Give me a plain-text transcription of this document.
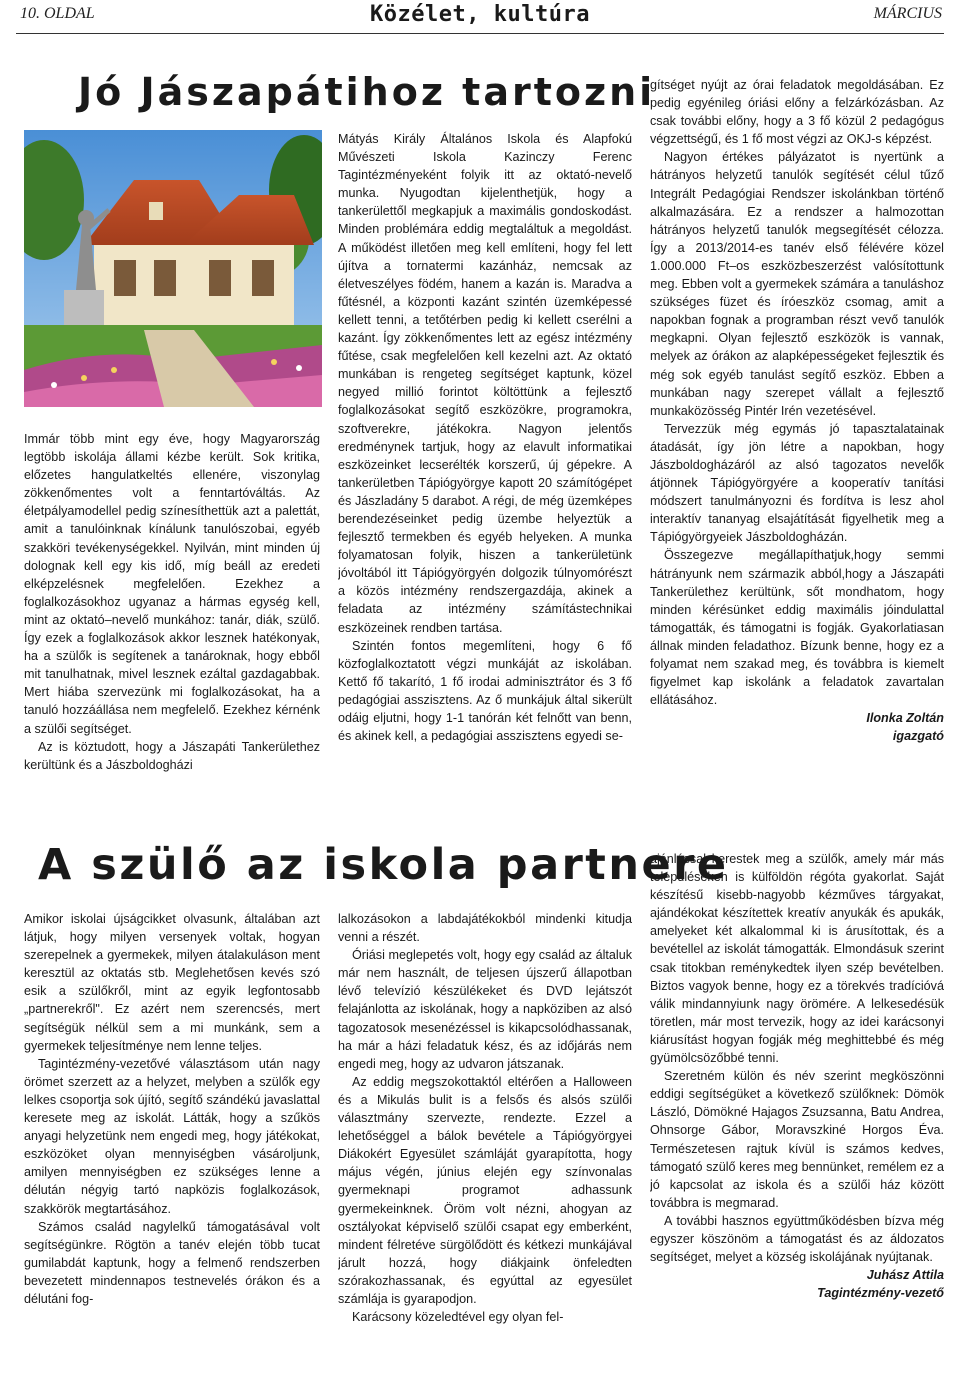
10. OLDAL	Közélet, kultúra	MÁRCIUS
Jó Jászapátihoz tartozni

Immár több mint egy éve, hogy Magyarország legtöbb iskolája állami kézbe került. Sok kritika, előzetes hangulatkeltés ellenére, viszonylag zökkenőmentes volt a fenntartóváltás. Az életpályamodellel pedig színesíthettük azt a palettát, amit a tanulóinknak kínálunk tanulószobai, egyéb szakköri tevékenységekkel. Nyilván, mint minden új dolognak kell egy kis idő, míg beáll az eredeti elképzelésnek megfelelően. Ezekhez a foglalkozásokhoz ugyanaz a hármas egység kell, mint az oktató–nevelő munkához: tanár, diák, szülő. Így ezek a foglalkozások akkor lesznek hatékonyak, ha a szülők is segítenek a tanároknak, hogy ebből mit tanulhatnak, mivel lesznek ezáltal gazdagabbak. Mert hiába szervezünk mi foglalkozásokat, ha a tanuló hozzáállása nem megfelelő. Ezekhez kérnénk a szülői segítséget.

Az is köztudott, hogy a Jászapáti Tankerülethez kerültünk és a Jászboldogházi

Mátyás Király Általános Iskola és Alapfokú Művészeti Iskola Kazinczy Ferenc Tagintézményeként folyik itt az oktató-nevelő munka. Nyugodtan kijelenthetjük, hogy a tankerülettől megkapjuk a maximális gondoskodást. Minden problémára eddig megtaláltuk a megoldást. A működést illetően meg kell említeni, hogy fel lett újítva a tornatermi kazánház, nemcsak az életveszélyes födém, hanem a kazán is. Maradva a fűtésnél, a központi kazánt szintén üzemképessé kellett tenni, a tetőtérben pedig ki kellett cserélni a kazánt. Így zökkenőmentes lett az egész intézmény fűtése, csak megfelelően kell kezelni azt. Az oktató munkában is rengeteg segítséget kaptunk, közel negyed millió forintot költöttünk a fejlesztő foglalkozásokat segítő eszközökre, programokra, szoftverekre, játékokra. Nagyon jelentős eredménynek tartjuk, hogy az elavult informatikai eszközeinket lecserélték korszerű, új gépekre. A tankerületben Tápiógyörgye kapott 20 számítógépet és Jászladány 5 darabot. A régi, de még üzemképes berendezéseinket pedig üzembe helyeztük a fejlesztő termekben és egyéb helyeken. A munka folyamatosan folyik, hiszen a tankerületünk jóvoltából itt Tápiógyörgyén dolgozik túlnyomórészt a közös intézmény rendszergazdája, akinek a feladata az intézmény számítástechnikai eszközeinek rendben tartása.

Szintén fontos megemlíteni, hogy 6 fő közfoglalkoztatott végzi munkáját az iskolában. Kettő fő takarító, 1 fő irodai adminisztrátor és 3 fő pedagógiai asszisztens. Az ő munkájuk által sikerült odáig eljutni, hogy 1-1 tanórán két felnőtt van benn, és akinek kell, a pedagógiai asszisztens egyedi se-

gítséget nyújt az órai feladatok megoldásában. Ez pedig egyénileg óriási előny a felzárkózásban. Az csak további előny, hogy a 3 fő közül 2 pedagógus végzettségű, és 1 fő most végzi az OKJ-s képzést.

Nagyon értékes pályázatot is nyertünk a hátrányos helyzetű tanulók segítését célul tűző Integrált Pedagógiai Rendszer iskolánkban történő alkalmazására. Ez a rendszer a halmozottan hátrányos helyzetű tanulók megsegítését célozza. Így a 2013/2014-es tanév első félévére közel 1.000.000 Ft–os eszközbeszerzést valósítottunk meg. Ebben volt a gyermekek számára a tanuláshoz szükséges füzet és íróeszköz csomag, amit a napokban fognak a programban részt vevő tanulók megkapni. Olyan fejlesztő eszközök is vannak, melyek az órákon az alapképességeket fejlesztik és még sok egyéb tanulást segítő eszköz. Ebben a munkában nagy szerepet vállalt a fejlesztő munkaközösség Pintér Irén vezetésével.

Tervezzük még egymás jó tapasztalatainak átadását, így jön létre a napokban, hogy Jászboldogházáról az alsó tagozatos nevelők átjönnek Tápiógyörgyére a kooperatív tanítási módszert tanulmányozni és fordítva is lesz ahol interaktív tananyag elsajátítását figyelhetik meg a Tápiógyörgyeiek Jászboldogházán.

Összegezve megállapíthatjuk,hogy semmi hátrányunk nem származik abból,hogy a Jászapáti Tankerülethez kerültünk, sőt mondhatom, hogy minden kérésünket eddig maximális jóindulattal támogatták, és támogatni is fogják. Gyakorlatiasan állnak minden feladathoz. Bízunk benne, hogy ez a folyamat nem szakad meg, és továbbra is kiemelt figyelmet kap iskolánk a feladatok zavartalan ellátásához.

Ilonka Zoltán

igazgató

A szülő az iskola partnere

Amikor iskolai újságcikket olvasunk, általában azt látjuk, hogy milyen versenyek voltak, hogyan szerepelnek a gyermekek, milyen átalakuláson ment keresztül az oktatás stb. Meglehetősen kevés szó esik a szülőkről, mint az egyik legfontosabb „partnerekről". Ez azért nem szerencsés, mert segítségük nélkül sem a mi munkánk, sem a gyermekek teljesítménye nem lenne teljes.

Tagintézmény-vezetővé választásom után nagy örömet szerzett az a helyzet, melyben a szülők egy lelkes csoportja sok újító, segítő szándékú javaslattal keresete meg az iskolát. Látták, hogy a szűkös anyagi helyzetünk nem engedi meg, hogy játékokat, eszközöket olyan mennyiségben vásároljunk, amilyen mennyiségben ez szükséges lenne a délután négyig tartó napközis foglalkozások, szakkörök megtartásához.

Számos család nagylelkű támogatásával volt segítségünkre. Rögtön a tanév elején több tucat gumilabdát kaptunk, hogy a felmenő rendszerben bevezetett mindennapos testnevelés órákon és a délutáni fog-

lalkozásokon a labdajátékokból mindenki kitudja venni a részét.

Óriási meglepetés volt, hogy egy család az általuk már nem használt, de teljesen újszerű állapotban lévő televízió készülékeket és DVD lejátszót felajánlotta az iskolának, hogy a napköziben az alsó tagozatosok mesenézéssel is kikapcsolódhassanak, ha már a házi feladatuk kész, és az időjárás nem engedi meg, hogy az udvaron játszanak.

Az eddig megszokottaktól eltérően a Halloween és a Mikulás bulit is a felsős és alsós szülői választmány szervezte, rendezte. Ezzel a lehetőséggel a bálok bevétele a Tápiógyörgyei Diákokért Egyesület számláját gyarapította, hogy május végén, június elején egy színvonalas gyermeknapi programot adhassunk gyermekeinknek. Öröm volt nézni, ahogyan az osztályokat képviselő szülői csapat egy emberként, mindent félretéve sürgölődött és kétkezi munkájával járult hozzá, hogy diákjaink önfeledten szórakozhassanak, és egyúttal az egyesület számlája is gyarapodjon.

Karácsony közeledtével egy olyan fel-

ajánlással kerestek meg a szülők, amely már más településeken is külföldön régóta gyakorlat. Saját készítésű kisebb-nagyobb kézműves tárgyakat, ajándékokat készítettek kreatív anyukák és apukák, amelyeket két alkalommal ki is árusítottak, és a bevétellel az iskolát támogatták. Elmondásuk szerint csak titokban reménykedtek ilyen szép bevételben. Biztos vagyok benne, hogy ez a törekvés tradícióvá válik mindannyiunk nagy örömére. A lelkesedésük töretlen, már most tervezik, hogy az idei karácsonyi kiárusítást hogyan fogják még meghittebbé és még gyümölcsözőbbé tenni.

Szeretném külön és név szerint megköszönni eddigi segítségüket a következő szülőknek: Dömök László, Dömökné Hajagos Zsuzsanna, Batu Andrea, Ohnsorge Gábor, Moravszkiné Horgos Éva. Természetesen rajtuk kívül is számos kedves, támogató szülő keres meg bennünket, remélem ez a jó kapcsolat az iskola és a szülői ház között továbbra is megmarad.

A további hasznos együttműködésben bízva még egyszer köszönöm a támogatást és az áldozatos segítséget, melyet a község iskolájának nyújtanak.

Juhász Attila

Tagintézmény-vezető
